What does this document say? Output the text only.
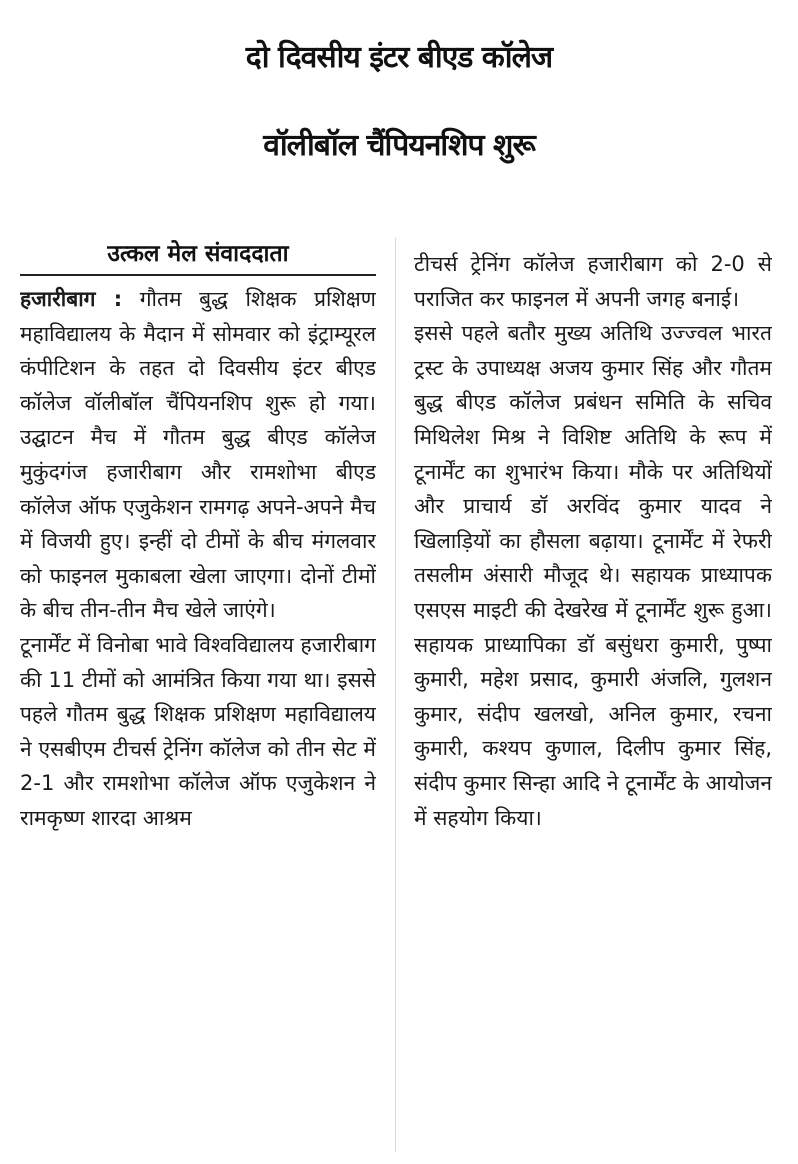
दो दिवसीय इंटर बीएड कॉलेज
वॉलीबॉल चैंपियनशिप शुरू
उत्कल मेल संवाददाता

हजारीबाग : गौतम बुद्ध शिक्षक प्रशिक्षण महाविद्यालय के मैदान में सोमवार को इंट्राम्यूरल कंपीटिशन के तहत दो दिवसीय इंटर बीएड कॉलेज वॉलीबॉल चैंपियनशिप शुरू हो गया। उद्घाटन मैच में गौतम बुद्ध बीएड कॉलेज मुकुंदगंज हजारीबाग और रामशोभा बीएड कॉलेज ऑफ एजुकेशन रामगढ़ अपने-अपने मैच में विजयी हुए। इन्हीं दो टीमों के बीच मंगलवार को फाइनल मुकाबला खेला जाएगा। दोनों टीमों के बीच तीन-तीन मैच खेले जाएंगे।

टूनार्मेंट में विनोबा भावे विश्वविद्यालय हजारीबाग की 11 टीमों को आमंत्रित किया गया था। इससे पहले गौतम बुद्ध शिक्षक प्रशिक्षण महाविद्यालय ने एसबीएम टीचर्स ट्रेनिंग कॉलेज को तीन सेट में 2-1 और रामशोभा कॉलेज ऑफ एजुकेशन ने रामकृष्ण शारदा आश्रम

टीचर्स ट्रेनिंग कॉलेज हजारीबाग को 2-0 से पराजित कर फाइनल में अपनी जगह बनाई।

इससे पहले बतौर मुख्य अतिथि उज्ज्वल भारत ट्रस्ट के उपाध्यक्ष अजय कुमार सिंह और गौतम बुद्ध बीएड कॉलेज प्रबंधन समिति के सचिव मिथिलेश मिश्र ने विशिष्ट अतिथि के रूप में टूनार्मेंट का शुभारंभ किया। मौके पर अतिथियों और प्राचार्य डॉ अरविंद कुमार यादव ने खिलाड़ियों का हौसला बढ़ाया। टूनार्मेंट में रेफरी तसलीम अंसारी मौजूद थे। सहायक प्राध्यापक एसएस माइटी की देखरेख में टूनार्मेंट शुरू हुआ। सहायक प्राध्यापिका डॉ बसुंधरा कुमारी, पुष्पा कुमारी, महेश प्रसाद, कुमारी अंजलि, गुलशन कुमार, संदीप खलखो, अनिल कुमार, रचना कुमारी, कश्यप कुणाल, दिलीप कुमार सिंह, संदीप कुमार सिन्हा आदि ने टूनार्मेंट के आयोजन में सहयोग किया।
